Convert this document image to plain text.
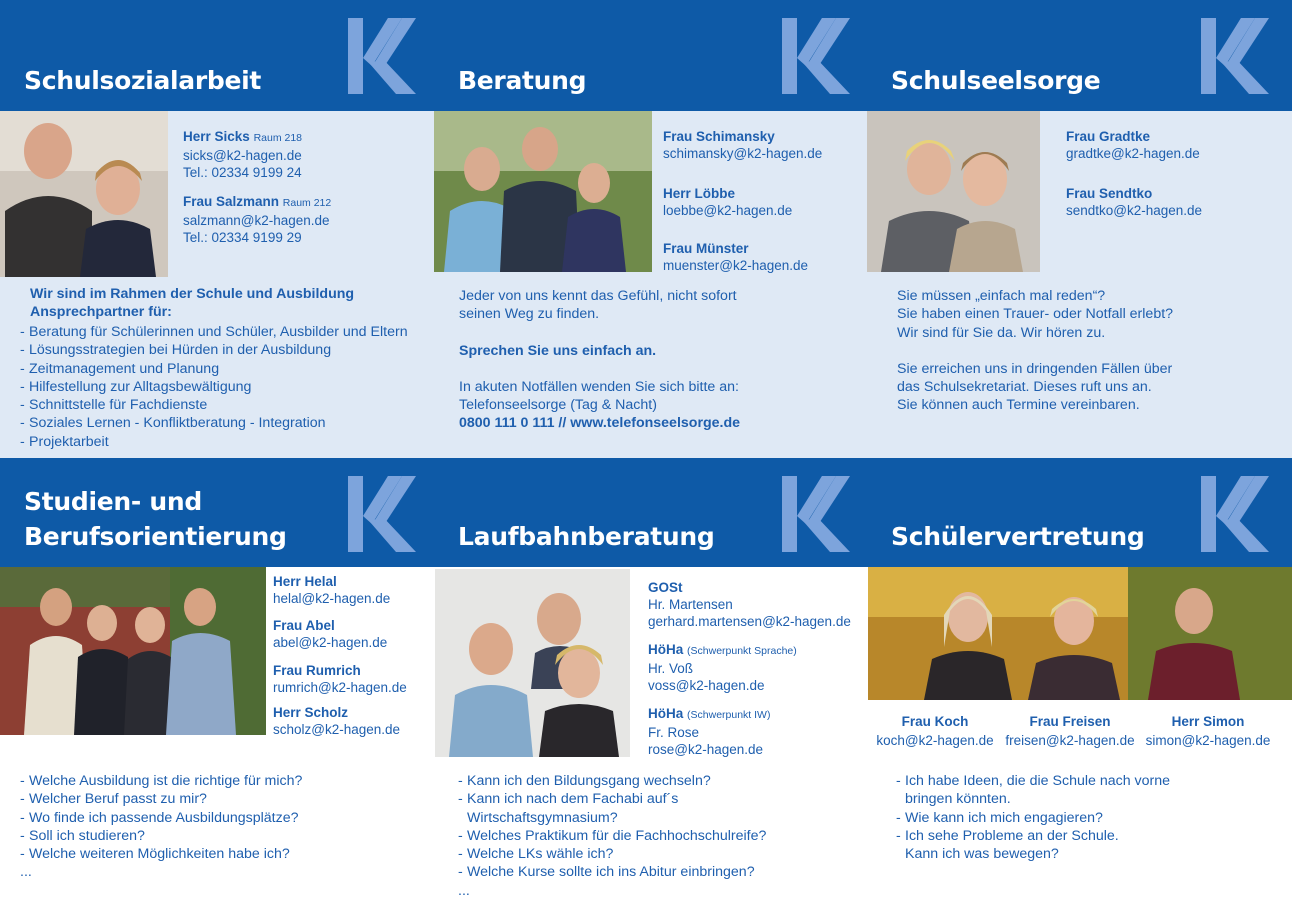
Schulsozialarbeit
Herr Sicks Raum 218
sicks@k2-hagen.de
Tel.: 02334 9199 24
Frau Salzmann Raum 212
salzmann@k2-hagen.de
Tel.: 02334 9199 29
Wir sind im Rahmen der Schule und Ausbildung
Ansprechpartner für:
- Beratung für Schülerinnen und Schüler, Ausbilder und Eltern
- Lösungsstrategien bei Hürden in der Ausbildung
- Zeitmanagement und Planung
- Hilfestellung zur Alltagsbewältigung
- Schnittstelle für Fachdienste
- Soziales Lernen - Konfliktberatung - Integration
- Projektarbeit
Beratung
Frau Schimansky
schimansky@k2-hagen.de
Herr Löbbe
loebbe@k2-hagen.de
Frau Münster
muenster@k2-hagen.de
Jeder von uns kennt das Gefühl, nicht sofort
seinen Weg zu finden.
Sprechen Sie uns einfach an.
In akuten Notfällen wenden Sie sich bitte an:
Telefonseelsorge (Tag & Nacht)
0800 111 0 111 // www.telefonseelsorge.de
Schulseelsorge
Frau Gradtke
gradtke@k2-hagen.de
Frau Sendtko
sendtko@k2-hagen.de
Sie müssen „einfach mal reden“?
Sie haben einen Trauer- oder Notfall erlebt?
Wir sind für Sie da. Wir hören zu.
Sie erreichen uns in dringenden Fällen über
das Schulsekretariat. Dieses ruft uns an.
Sie können auch Termine vereinbaren.
Studien- und
Berufsorientierung
Herr Helal
helal@k2-hagen.de
Frau Abel
abel@k2-hagen.de
Frau Rumrich
rumrich@k2-hagen.de
Herr Scholz
scholz@k2-hagen.de
- Welche Ausbildung ist die richtige für mich?
- Welcher Beruf passt zu mir?
- Wo finde ich passende Ausbildungsplätze?
- Soll ich studieren?
- Welche weiteren Möglichkeiten habe ich?
...
Laufbahnberatung
GOSt
Hr. Martensen
gerhard.martensen@k2-hagen.de
HöHa (Schwerpunkt Sprache)
Hr. Voß
voss@k2-hagen.de
HöHa (Schwerpunkt IW)
Fr. Rose
rose@k2-hagen.de
- Kann ich den Bildungsgang wechseln?
- Kann ich nach dem Fachabi auf´s
Wirtschaftsgymnasium?
- Welches Praktikum für die Fachhochschulreife?
- Welche LKs wähle ich?
- Welche Kurse sollte ich ins Abitur einbringen?
...
Schülervertretung
Frau Koch
koch@k2-hagen.de
Frau Freisen
freisen@k2-hagen.de
Herr Simon
simon@k2-hagen.de
- Ich habe Ideen, die die Schule nach vorne
bringen könnten.
- Wie kann ich mich engagieren?
- Ich sehe Probleme an der Schule.
Kann ich was bewegen?
